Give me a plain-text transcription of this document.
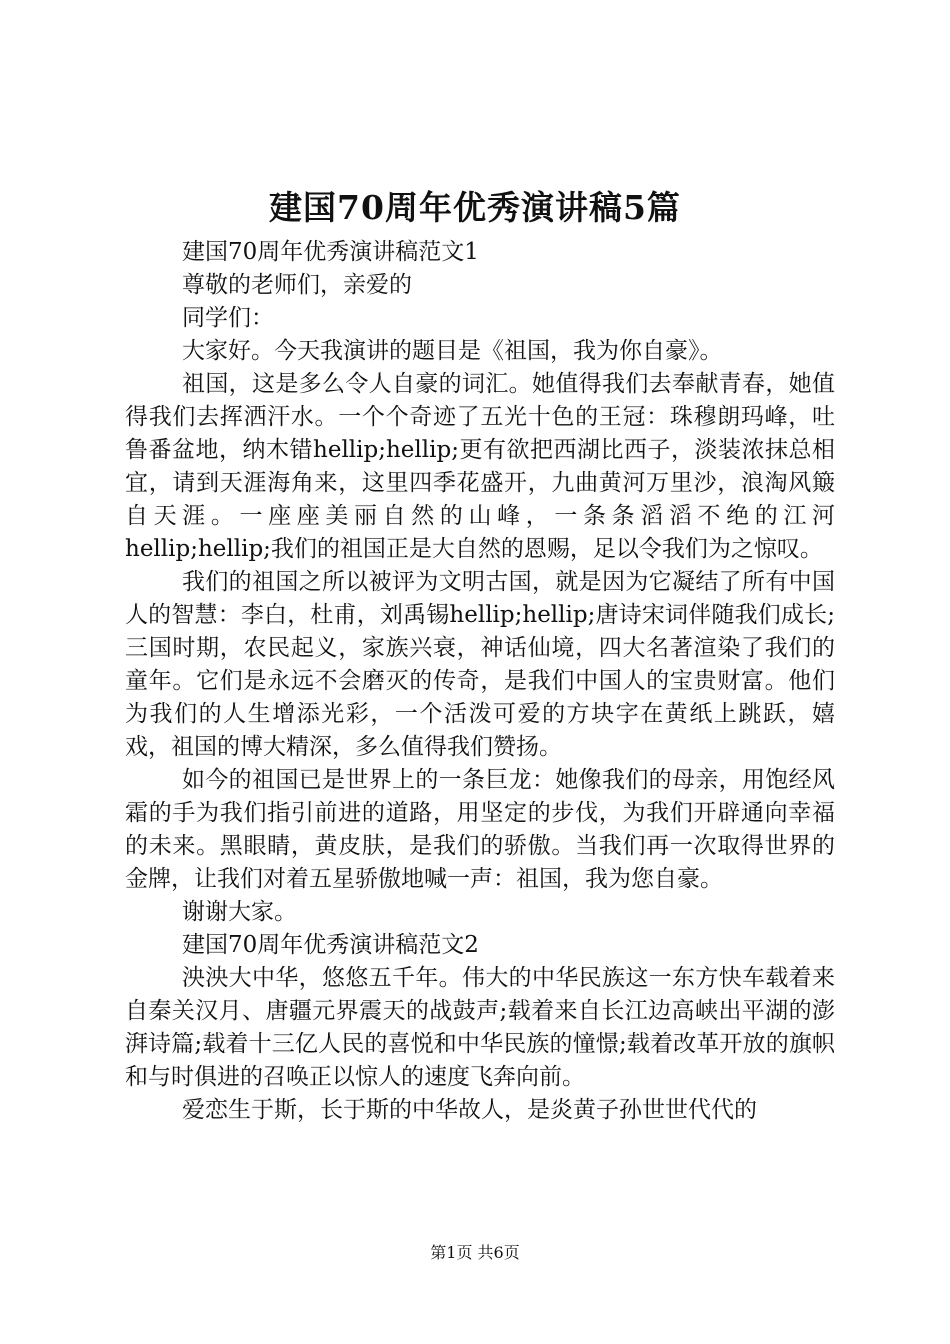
建国70周年优秀演讲稿5篇

建国70周年优秀演讲稿范文1

尊敬的老师们，亲爱的

同学们：

大家好。今天我演讲的题目是《祖国，我为你自豪》。

祖国，这是多么令人自豪的词汇。她值得我们去奉献青春，她值得我们去挥洒汗水。一个个奇迹了五光十色的王冠：珠穆朗玛峰，吐鲁番盆地，纳木错hellip;hellip;更有欲把西湖比西子，淡装浓抹总相宜，请到天涯海角来，这里四季花盛开，九曲黄河万里沙，浪淘风簸自天涯。一座座美丽自然的山峰，一条条滔滔不绝的江河hellip;hellip;我们的祖国正是大自然的恩赐，足以令我们为之惊叹。

我们的祖国之所以被评为文明古国，就是因为它凝结了所有中国人的智慧：李白，杜甫，刘禹锡hellip;hellip;唐诗宋词伴随我们成长;三国时期，农民起义，家族兴衰，神话仙境，四大名著渲染了我们的童年。它们是永远不会磨灭的传奇，是我们中国人的宝贵财富。他们为我们的人生增添光彩，一个活泼可爱的方块字在黄纸上跳跃，嬉戏，祖国的博大精深，多么值得我们赞扬。

如今的祖国已是世界上的一条巨龙：她像我们的母亲，用饱经风霜的手为我们指引前进的道路，用坚定的步伐，为我们开辟通向幸福的未来。黑眼睛，黄皮肤，是我们的骄傲。当我们再一次取得世界的金牌，让我们对着五星骄傲地喊一声：祖国，我为您自豪。

谢谢大家。

建国70周年优秀演讲稿范文2

泱泱大中华，悠悠五千年。伟大的中华民族这一东方快车载着来自秦关汉月、唐疆元界震天的战鼓声;载着来自长江边高峡出平湖的澎湃诗篇;载着十三亿人民的喜悦和中华民族的憧憬;载着改革开放的旗帜和与时俱进的召唤正以惊人的速度飞奔向前。

爱恋生于斯，长于斯的中华故人，是炎黄子孙世世代代的

第1页 共6页
